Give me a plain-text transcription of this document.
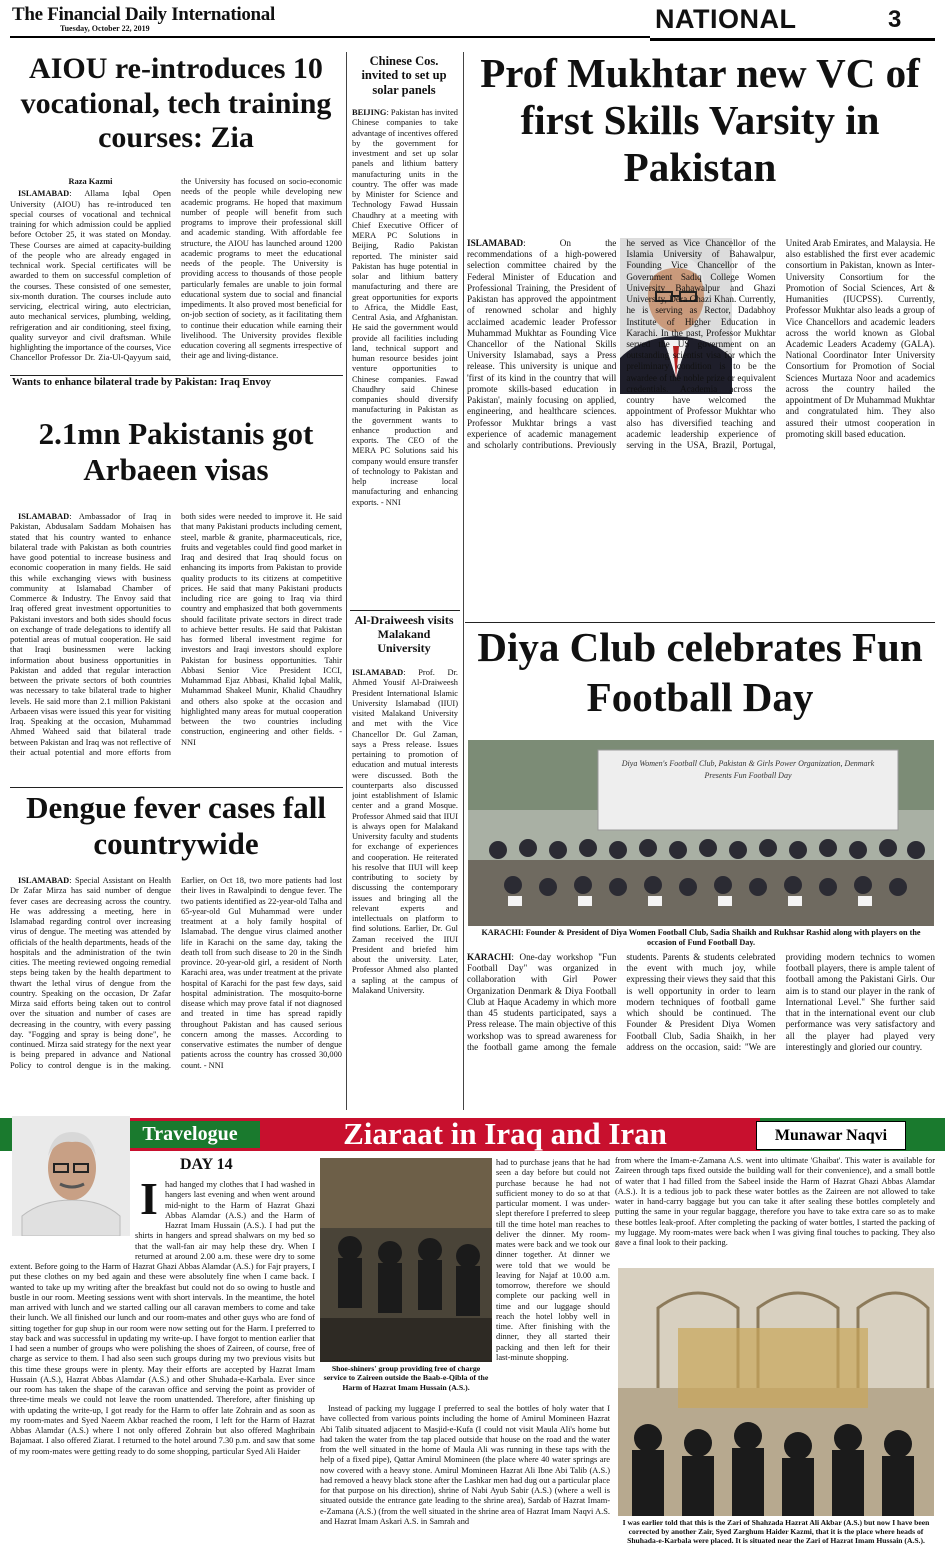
The Financial Daily International
Tuesday, October 22, 2019	NATIONAL	3
AIOU re-introduces 10 vocational, tech training courses: Zia
Raza Kazmi

ISLAMABAD: Allama Iqbal Open University (AIOU) has re-introduced ten special courses of vocational and technical training for which admission could be applied before October 25, it was stated on Monday. These Courses are aimed at capacity-building of the people who are already engaged in technical work. Special certificates will be awarded to them on successful completion of the courses. These consisted of one semester, six-month duration. The courses include auto servicing, electrical wiring, auto electrician, auto mechanical services, plumbing, welding, refrigeration and air conditioning, steel fixing, quality surveyor and civil draftsman. While highlighting the importance of the courses, Vice Chancellor Professor Dr. Zia-Ul-Qayyum said, the University has focused on socio-economic needs of the people while developing new academic programs. He hoped that maximum number of people will benefit from such programs to improve their professional skill and academic standing. With affordable fee structure, the AIOU has launched around 1200 academic programs to meet the educational needs of the people. The University is providing access to thousands of those people particularly females are unable to join formal educational system due to social and financial impediments. It also proved most beneficial for on-job section of society, as it facilitating them to continue their education while earning their livelihood. The University provides flexible education covering all segments irrespective of their age and living-distance.

Wants to enhance bilateral trade by Pakistan: Iraq Envoy
2.1mn Pakistanis got Arbaeen visas

ISLAMABAD: Ambassador of Iraq in Pakistan, Abdusalam Saddam Mohaisen has stated that his country wanted to enhance bilateral trade with Pakistan as both countries have good potential to increase business and economic cooperation in many fields. He said this while exchanging views with business community at Islamabad Chamber of Commerce & Industry. The Envoy said that Iraq offered great investment opportunities to Pakistani investors and both sides should focus on exchange of trade delegations to identify all potential areas of mutual cooperation. He said that Iraqi businessmen were lacking information about business opportunities in Pakistan and added that regular interaction between the private sectors of both countries was necessary to take bilateral trade to higher levels. He said more than 2.1 million Pakistani Arbaeen visas were issued this year for visiting Iraq. Speaking at the occasion, Muhammad Ahmed Waheed said that bilateral trade between Pakistan and Iraq was not reflective of their actual potential and more efforts from both sides were needed to improve it. He said that many Pakistani products including cement, steel, marble & granite, pharmaceuticals, rice, fruits and vegetables could find good market in Iraq and desired that Iraq should focus on enhancing its imports from Pakistan to provide quality products to its citizens at competitive prices. He said that many Pakistani products including rice are going to Iraq via third country and emphasized that both governments should facilitate private sectors in direct trade to achieve better results. He said that Pakistan has formed liberal investment regime for investors and Iraqi investors should explore Pakistan for business opportunities. Tahir Abbasi Senior Vice President ICCI, Muhammad Ejaz Abbasi, Khalid Iqbal Malik, Muhammad Shakeel Munir, Khalid Chaudhry and others also spoke at the occasion and highlighted many areas for mutual cooperation between the two countries including construction, engineering and other fields. - NNI

Dengue fever cases fall countrywide

ISLAMABAD: Special Assistant on Health Dr Zafar Mirza has said number of dengue fever cases are decreasing across the country. He was addressing a meeting, here in Islamabad regarding control over increasing virus of dengue. The meeting was attended by officials of the health departments, heads of the hospitals and the administration of the twin cities. The meeting reviewed ongoing remedial steps being taken by the health department to thwart the lethal virus of dengue from the country. Speaking on the occasion, Dr Zafar Mirza said efforts being taken out to control over the situation and number of cases are decreasing in the country, with every passing day. "Fogging and spray is being done", he continued. Mirza said strategy for the next year is being prepared in advance and National Policy to control dengue is in the making. Earlier, on Oct 18, two more patients had lost their lives in Rawalpindi to dengue fever. The two patients identified as 22-year-old Talha and 65-year-old Gul Muhammad were under treatment at a holy family hospital of Islamabad. The dengue virus claimed another life in Karachi on the same day, taking the death toll from such disease to 20 in the Sindh province. 20-year-old girl, a resident of North Karachi area, was under treatment at the private hospital of Karachi for the past few days, said hospital administration. The mosquito-borne disease which may prove fatal if not diagnosed and treated in time has spread rapidly throughout Pakistan and has caused serious concern among the masses. According to conservative estimates the number of dengue patients across the country has crossed 30,000 count. - NNI

Chinese Cos. invited to set up solar panels

BEIJING: Pakistan has invited Chinese companies to take advantage of incentives offered by the government for investment and set up solar panels and lithium battery manufacturing units in the country. The offer was made by Minister for Science and Technology Fawad Hussain Chaudhry at a meeting with Chief Executive Officer of MERA PC Solutions in Beijing, Radio Pakistan reported. The minister said Pakistan has huge potential in solar and lithium battery manufacturing and there are great opportunities for exports to Africa, the Middle East, Central Asia, and Afghanistan. He said the government would provide all facilities including land, technical support and human resource besides joint venture opportunities to Chinese companies. Fawad Chaudhry said Chinese companies should diversify manufacturing in Pakistan as the government wants to enhance production and exports. The CEO of the MERA PC Solutions said his company would ensure transfer of technology to Pakistan and help increase local manufacturing and enhancing exports. - NNI

Al-Draiweesh visits Malakand University

ISLAMABAD: Prof. Dr. Ahmed Yousif Al-Draiweesh President International Islamic University Islamabad (IIUI) visited Malakand University and met with the Vice Chancellor Dr. Gul Zaman, says a Press release. Issues pertaining to promotion of education and mutual interests were discussed. Both the counterparts also discussed joint establishment of Islamic center and a grand Mosque. Professor Ahmed said that IIUI is always open for Malakand University faculty and students for exchange of experiences and cooperation. He reiterated his resolve that IIUI will keep contributing to society by discussing the contemporary issues and bringing all the relevant experts and intellectuals on platform to find solutions. Earlier, Dr. Gul Zaman received the IIUI President and briefed him about the university. Later, Professor Ahmed also planted a sapling at the campus of Malakand University.

Prof Mukhtar new VC of first Skills Varsity in Pakistan

ISLAMABAD: On the recommendations of a high-powered selection committee chaired by the Federal Minister of Education and Professional Training, the President of Pakistan has approved the appointment of renowned scholar and highly acclaimed academic leader Professor Muhammad Mukhtar as Founding Vice Chancellor of the National Skills University Islamabad, says a Press release. This university is unique and 'first of its kind in the country that will promote skills-based education in Pakistan', mainly focusing on applied, engineering, and healthcare sciences. Professor Mukhtar brings a vast experience of academic management and scholarly contributions. Previously he served as Vice Chancellor of the Islamia University of Bahawalpur, Founding Vice Chancellor of the Government Sadiq College Women University Bahawalpur and Ghazi University, Dera Ghazi Khan. Currently, he is serving as Rector, Dadabhoy Institute of Higher Education in Karachi. In the past, Professor Mukhtar served the US government on an outstanding scientist visa for which the preliminary condition is to be the awardee of the noble prize or equivalent credentials. Academia across the country have welcomed the appointment of Professor Mukhtar who also has diversified teaching and academic leadership experience of serving in the USA, Brazil, Portugal, United Arab Emirates, and Malaysia. He also established the first ever academic consortium in Pakistan, known as Inter-University Consortium for the Promotion of Social Sciences, Art & Humanities (IUCPSS). Currently, Professor Mukhtar also leads a group of Vice Chancellors and academic leaders across the world known as Global Academic Leaders Academy (GALA). National Coordinator Inter University Consortium for Promotion of Social Sciences Murtaza Noor and academics across the country hailed the appointment of Dr Muhammad Mukhtar and congratulated him. They also assured their utmost cooperation in promoting skill based education.

Diya Club celebrates Fun Football Day
Diya Women's Football Club, Pakistan & Girls Power Organization, Denmark Presents Fun Football Day
KARACHI: Founder & President of Diya Women Football Club, Sadia Shaikh and Rukhsar Rashid along with players on the occasion of Fund Football Day.

KARACHI: One-day workshop "Fun Football Day" was organized in collaboration with Girl Power Organization Denmark & Diya Football Club at Haque Academy in which more than 45 students participated, says a Press release. The main objective of this workshop was to spread awareness for the football game among the female students. Parents & students celebrated the event with much joy, while expressing their views they said that this is well opportunity in order to learn modern techniques of football game which should be continued. The Founder & President Diya Women Football Club, Sadia Shaikh, in her address on the occasion, said: "We are providing modern technics to women football players, there is ample talent of football among the Pakistani Girls. Our aim is to stand our player in the rank of International Level." She further said that in the international event our club performance was very satisfactory and all the player had played very interestingly and gloried our country.

Travelogue	Ziaraat in Iraq and Iran	Munawar Naqvi
DAY 14
I had hanged my clothes that I had washed in hangers last evening and when went around mid-night to the Harm of Hazrat Ghazi Abbas Alamdar (A.S.) and the Harm of Hazrat Imam Hussain (A.S.). I had put the shirts in hangers and spread shalwars on my bed so that the wall-fan air may help these dry. When I returned at around 2.00 a.m. these were dry to some extent. Before going to the Harm of Hazrat Ghazi Abbas Alamdar (A.S.) for Fajr prayers, I put these clothes on my bed again and these were absolutely fine when I came back. I wanted to take up my writing after the breakfast but could not do so owing to hustle and bustle in our room. Meeting sessions went with short intervals. In the meantime, the hotel man arrived with lunch and we started calling our all caravan members to come and take their lunch. We all finished our lunch and our room-mates and other guys who are fond of sitting together for gup shup in our room were now setting out for the Harm. I preferred to stay back and was successful in updating my write-up. I have forgot to mention earlier that I had seen a number of groups who were polishing the shoes of Zaireen, of course, free of charge as service to them. I had also seen such groups during my two previous visits but this time these groups were in plenty. May their efforts are accepted by Hazrat Imam Hussain (A.S.), Hazrat Abbas Alamdar (A.S.) and other Shuhada-e-Karbala. Ever since our room has taken the shape of the caravan office and serving the point as provider of three-time meals we could not leave the room unattended. Therefore, after finishing up with updating the write-up, I got ready for the Harm to offer late Zohrain and as soon as my room-mates and Syed Naeem Akbar reached the room, I left for the Harm of Hazrat Abbas Alamdar (A.S.) where I not only offered Zohrain but also offered Maghribain Bajamaat. I also offered Ziarat. I returned to the hotel around 7.30 p.m. and saw that some of my room-mates were getting ready to do some shopping, particular Syed Ali Haider
Shoe-shiners' group providing free of charge service to Zaireen outside the Baab-e-Qibla of the Harm of Hazrat Imam Hussain (A.S.).
had to purchase jeans that he had seen a day before but could not purchase because he had not sufficient money to do so at that particular moment. I was under-slept therefore I preferred to sleep till the time hotel man reaches to deliver the dinner. My room-mates were back and we took our dinner together. At dinner we were told that we would be leaving for Najaf at 10.00 a.m. tomorrow, therefore we should complete our packing well in time and our luggage should reach the hotel lobby well in time. After finishing with the dinner, they all started their packing and then left for their last-minute shopping.

Instead of packing my luggage I preferred to seal the bottles of holy water that I have collected from various points including the home of Amirul Momineen Hazrat Abi Talib situated adjacent to Masjid-e-Kufa (I could not visit Maula Ali's home but had taken the water from the tap placed outside that house on the road and the water from the well situated in the home of Maula Ali was running in these taps with the help of a fixed pipe), Qattar Amirul Momineen (the place where 40 water springs are now covered with a heavy stone. Amirul Momineen Hazrat Ali Ibne Abi Talib (A.S.) had removed a heavy black stone after the Lashkar men had dug out a particular place for that purpose on his direction), shrine of Nabi Ayub Sabir (A.S.) (where a well is situated outside the entrance gate leading to the shrine area), Sardab of Hazrat Imam-e-Zamana (A.S.) (from the well situated in the shrine area of Hazrat Imam Naqvi A.S. and Hazrat Imam Askari A.S. in Samrah and

from where the Imam-e-Zamana A.S. went into ultimate 'Ghaibat'. This water is available for Zaireen through taps fixed outside the building wall for their convenience), and a small bottle of water that I had filled from the Sabeel inside the Harm of Hazrat Ghazi Abbas Alamdar (A.S.). It is a tedious job to pack these water bottles as the Zaireen are not allowed to take water in hand-carry baggage but you can take it after sealing these bottles completely and putting the same in your regular baggage, therefore you have to take extra care so as to make these bottles leak-proof. After completing the packing of water bottles, I started the packing of my luggage. My room-mates were back when I was giving final touches to packing. They also gave a final look to their packing.
I was earlier told that this is the Zari of Shahzada Hazrat Ali Akbar (A.S.) but now I have been corrected by another Zair, Syed Zarghum Haider Kazmi, that it is the place where heads of Shuhada-e-Karbala were placed. It is situated near the Zari of Hazrat Imam Hussain (A.S.).
